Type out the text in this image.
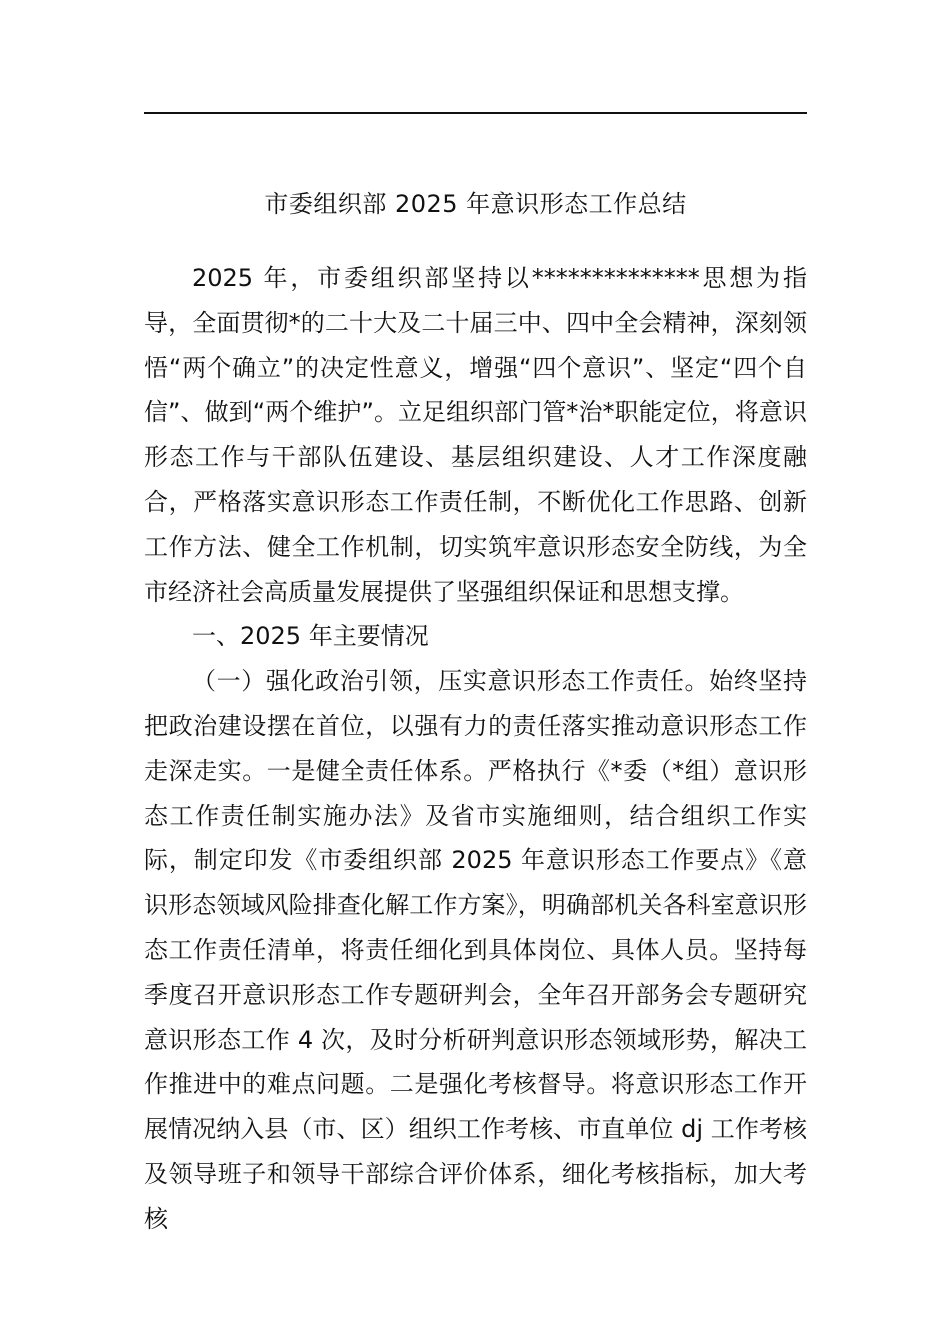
市委组织部 2025 年意识形态工作总结

2025 年，市委组织部坚持以**************思想为指导，全面贯彻*的二十大及二十届三中、四中全会精神，深刻领悟“两个确立”的决定性意义，增强“四个意识”、坚定“四个自信”、做到“两个维护”。立足组织部门管*治*职能定位，将意识形态工作与干部队伍建设、基层组织建设、人才工作深度融合，严格落实意识形态工作责任制，不断优化工作思路、创新工作方法、健全工作机制，切实筑牢意识形态安全防线，为全市经济社会高质量发展提供了坚强组织保证和思想支撑。

一、2025 年主要情况

（一）强化政治引领，压实意识形态工作责任。始终坚持把政治建设摆在首位，以强有力的责任落实推动意识形态工作走深走实。一是健全责任体系。严格执行《*委（*组）意识形态工作责任制实施办法》及省市实施细则，结合组织工作实际，制定印发《市委组织部 2025 年意识形态工作要点》《意识形态领域风险排查化解工作方案》，明确部机关各科室意识形态工作责任清单，将责任细化到具体岗位、具体人员。坚持每季度召开意识形态工作专题研判会，全年召开部务会专题研究意识形态工作 4 次，及时分析研判意识形态领域形势，解决工作推进中的难点问题。二是强化考核督导。将意识形态工作开展情况纳入县（市、区）组织工作考核、市直单位 dj 工作考核及领导班子和领导干部综合评价体系，细化考核指标，加大考核
